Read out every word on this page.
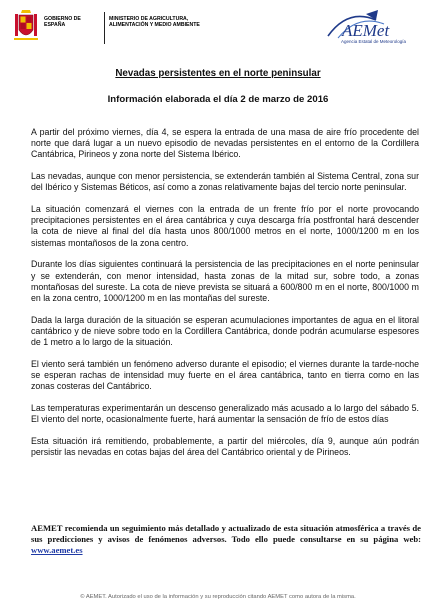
GOBIERNO DE ESPAÑA
MINISTERIO DE AGRICULTURA, ALIMENTACIÓN Y MEDIO AMBIENTE	AEMet
Agencia Estatal de Meteorología
Nevadas persistentes en el norte peninsular
Información elaborada el día 2 de marzo de 2016

A partir del próximo viernes, día 4, se espera la entrada de una masa de aire frío procedente del norte que dará lugar a un nuevo episodio de nevadas persistentes en el entorno de la Cordillera Cantábrica, Pirineos y zona norte del Sistema Ibérico.

Las nevadas, aunque con menor persistencia, se extenderán también al Sistema Central, zona sur del Ibérico y Sistemas Béticos, así como a zonas relativamente bajas del tercio norte peninsular.

La situación comenzará el viernes con la entrada de un frente frío por el norte provocando precipitaciones persistentes en el área cantábrica y cuya descarga fría postfrontal hará descender la cota de nieve al final del día hasta unos 800/1000 metros en el norte, 1000/1200 m en los sistemas montañosos de la zona centro.

Durante los días siguientes continuará la persistencia de las precipitaciones en el norte peninsular y se extenderán, con menor intensidad, hasta zonas de la mitad sur, sobre todo, a zonas montañosas del sureste. La cota de nieve prevista se situará a 600/800 m en el norte, 800/1000 m en la zona centro, 1000/1200 m en las montañas del sureste.

Dada la larga duración de la situación se esperan acumulaciones importantes de agua en el litoral cantábrico y de nieve sobre todo en la Cordillera Cantábrica, donde podrán acumularse espesores de 1 metro a lo largo de la situación.

El viento será también un fenómeno adverso durante el episodio; el viernes durante la tarde-noche se esperan rachas de intensidad muy fuerte en el área cantábrica, tanto en tierra como en las zonas costeras del Cantábrico.

Las temperaturas experimentarán un descenso generalizado más acusado a lo largo del sábado 5. El viento del norte, ocasionalmente fuerte, hará aumentar la sensación de frío de estos días

Esta situación irá remitiendo, probablemente, a partir del miércoles, día 9, aunque aún podrán persistir las nevadas en cotas bajas del área del Cantábrico oriental y de Pirineos.

AEMET recomienda un seguimiento más detallado y actualizado de esta situación atmosférica a través de sus predicciones y avisos de fenómenos adversos. Todo ello puede consultarse en su página web: www.aemet.es
© AEMET. Autorizado el uso de la información y su reproducción citando AEMET como autora de la misma.
